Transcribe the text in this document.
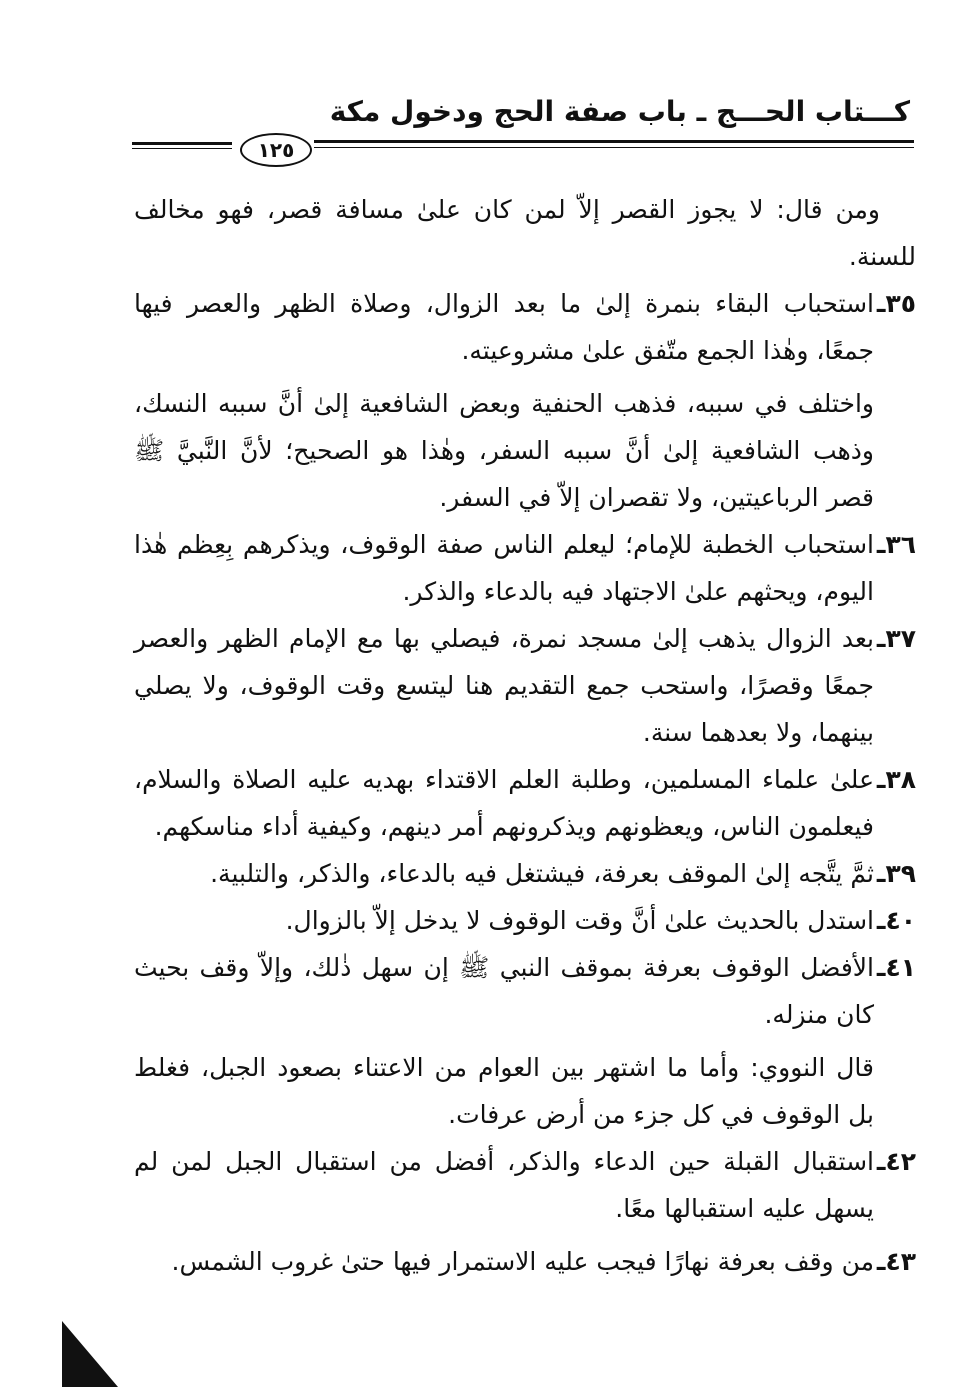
كـــتاب الحـــج ـ باب صفة الحج ودخول مكة
١٢٥

ومن قال: لا يجوز القصر إلاّ لمن كان علىٰ مسافة قصر، فهو مخالف للسنة.

٣٥ـ
استحباب البقاء بنمرة إلىٰ ما بعد الزوال، وصلاة الظهر والعصر فيها جمعًا، وهٰذا الجمع متّفق علىٰ مشروعيته.
واختلف في سببه، فذهب الحنفية وبعض الشافعية إلىٰ أنَّ سببه النسك، وذهب الشافعية إلىٰ أنَّ سببه السفر، وهٰذا هو الصحيح؛ لأنَّ النَّبيَّ ﷺ قصر الرباعيتين، ولا تقصران إلاّ في السفر.
٣٦ـ
استحباب الخطبة للإمام؛ ليعلم الناس صفة الوقوف، ويذكرهم بِعِظم هٰذا اليوم، ويحثهم علىٰ الاجتهاد فيه بالدعاء والذكر.
٣٧ـ
بعد الزوال يذهب إلىٰ مسجد نمرة، فيصلي بها مع الإمام الظهر والعصر جمعًا وقصرًا، واستحب جمع التقديم هنا ليتسع وقت الوقوف، ولا يصلي بينهما، ولا بعدهما سنة.
٣٨ـ
علىٰ علماء المسلمين، وطلبة العلم الاقتداء بهديه عليه الصلاة والسلام، فيعلمون الناس، ويعظونهم ويذكرونهم أمر دينهم، وكيفية أداء مناسكهم.
٣٩ـ
ثمَّ يتَّجه إلىٰ الموقف بعرفة، فيشتغل فيه بالدعاء، والذكر، والتلبية.
٤٠ـ
استدل بالحديث علىٰ أنَّ وقت الوقوف لا يدخل إلاّ بالزوال.
٤١ـ
الأفضل الوقوف بعرفة بموقف النبي ﷺ إن سهل ذٰلك، وإلاّ وقف بحيث كان منزله.
قال النووي: وأما ما اشتهر بين العوام من الاعتناء بصعود الجبل، فغلط بل الوقوف في كل جزء من أرض عرفات.
٤٢ـ
استقبال القبلة حين الدعاء والذكر، أفضل من استقبال الجبل لمن لم يسهل عليه استقبالها معًا.
٤٣ـ
من وقف بعرفة نهارًا فيجب عليه الاستمرار فيها حتىٰ غروب الشمس.
